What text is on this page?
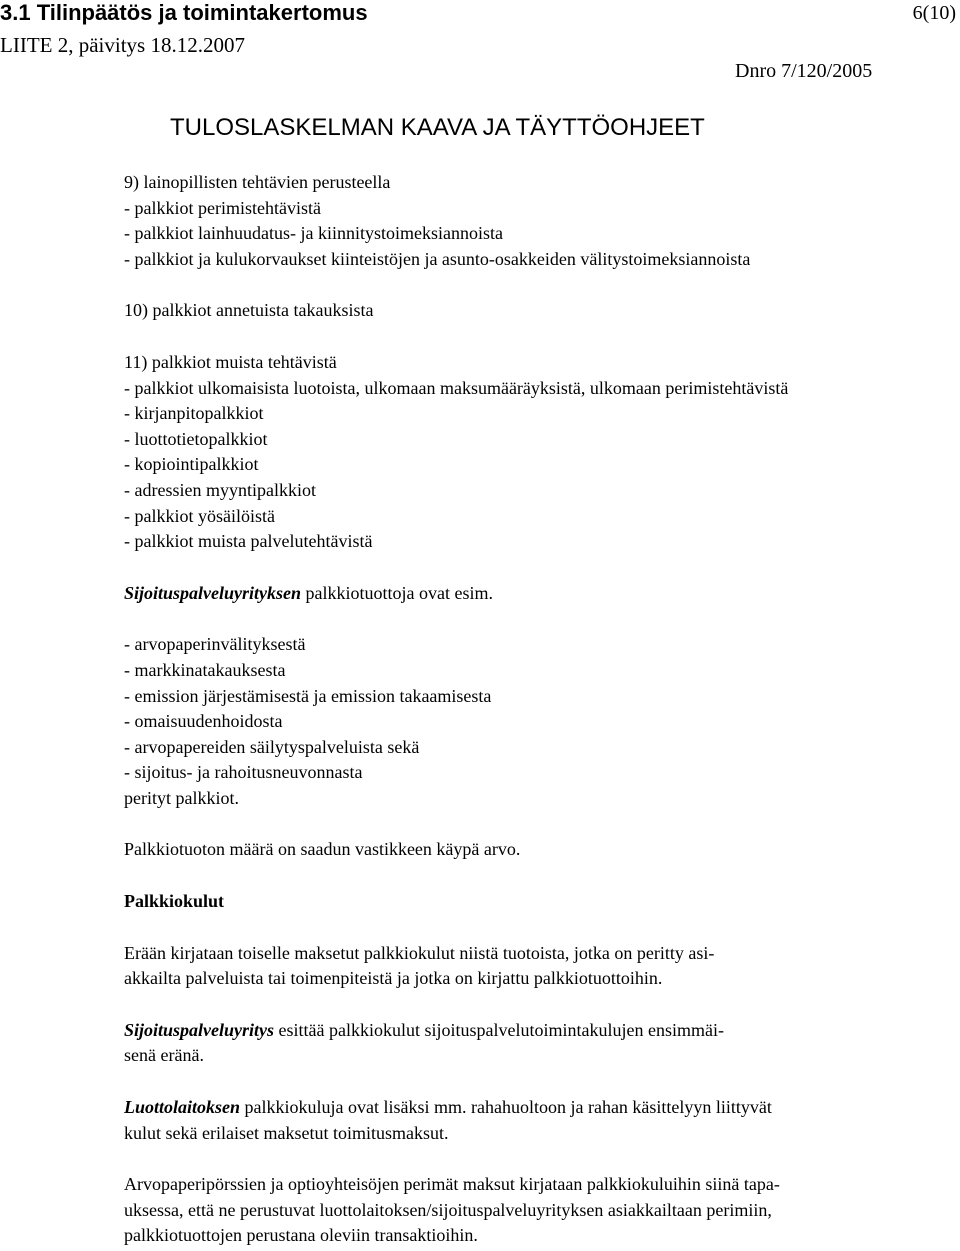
3.1 Tilinpäätös ja toimintakertomus
LIITE 2, päivitys 18.12.2007
6(10)
Dnro 7/120/2005
TULOSLASKELMAN KAAVA JA TÄYTTÖOHJEET

9) lainopillisten tehtävien perusteella

- palkkiot perimistehtävistä

- palkkiot lainhuudatus- ja kiinnitystoimeksiannoista

- palkkiot ja kulukorvaukset kiinteistöjen ja asunto-osakkeiden välitystoimeksiannoista

10) palkkiot annetuista takauksista

11) palkkiot muista tehtävistä

- palkkiot ulkomaisista luotoista, ulkomaan maksumääräyksistä, ulkomaan perimistehtävistä

- kirjanpitopalkkiot

- luottotietopalkkiot

- kopiointipalkkiot

- adressien myyntipalkkiot

- palkkiot yösäilöistä

- palkkiot muista palvelutehtävistä

Sijoituspalveluyrityksen palkkiotuottoja ovat esim.

- arvopaperinvälityksestä

- markkinatakauksesta

- emission järjestämisestä ja emission takaamisesta

- omaisuudenhoidosta

- arvopapereiden säilytyspalveluista sekä

- sijoitus- ja rahoitusneuvonnasta

perityt palkkiot.

Palkkiotuoton määrä on saadun vastikkeen käypä arvo.

Palkkiokulut

Erään kirjataan toiselle maksetut palkkiokulut niistä tuotoista, jotka on peritty asi-

akkailta palveluista tai toimenpiteistä ja jotka on kirjattu palkkiotuottoihin.

Sijoituspalveluyritys esittää palkkiokulut sijoituspalvelutoimintakulujen ensimmäi-

senä eränä.

Luottolaitoksen palkkiokuluja ovat lisäksi mm. rahahuoltoon ja rahan käsittelyyn liittyvät

kulut sekä erilaiset maksetut toimitusmaksut.

Arvopaperipörssien ja optioyhteisöjen perimät maksut kirjataan palkkiokuluihin siinä tapa-

uksessa, että ne perustuvat luottolaitoksen/sijoituspalveluyrityksen asiakkailtaan perimiin,

palkkiotuottojen perustana oleviin transaktioihin.
